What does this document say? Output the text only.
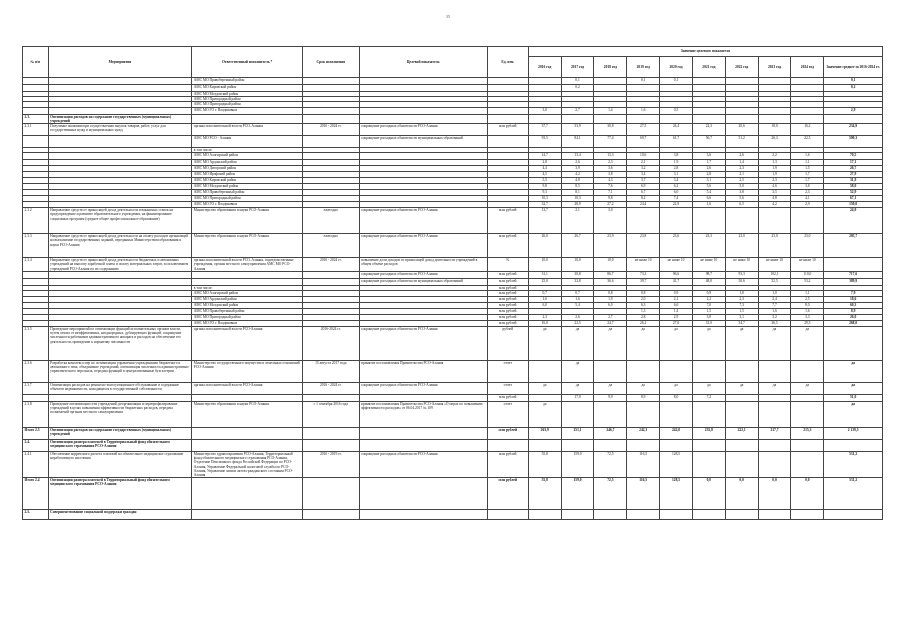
35
№ п/п	Мероприятия	Ответственный исполнитель *	Срок исполнения	Целевой показатель	Ед. изм.	Значение целевого показателя									
						2016 год	2017 год	2018 год	2019 год	2020 год	2021 год	2022 год	2023 год	2024 год	Значение среднее за 2016-2024 гг.
		АМС МО Правобережный район					0,1		0,1	0,1					0,1
		АМС МО Кировский район					0,2								0,2
		АМС МО Моздокский район													
		АМС МО Пригородный район													
		АМС МО Пригородный район													
		АМС МО ГО г. Владикавказ				3,0	2,7	1,4	1,6	0,5					2,9
2.3.	Оптимизация расходов на содержание государственных (муниципальных) учреждений														
2.3.1	Получение экономии при осуществлении закупок товаров, работ, услуг для государственных нужд и муниципальных нужд	органы исполнительной власти РСО–Алания	2016 - 2024 гг.	сокращение расходных обязательств РСО-Алания	млн рублей	37,7	33,9	30,8	27,5	24,4	22,3	20,6	18,0	16,2	234,9
		АМС МО РСО - Алания		сокращение расходных обязательств муниципальных образований		93,5	84,1	77,4	69,7	61,7	56,7	51,2	26,3	22,5	500,3
		в том числе:													
		АМС МО Алагирский район				14,7	13,4	13,3	10,6	3,8	3,6	2,6	2,2	1,6	70,5
		АМС МО Ардонский район				2,8	2,6	2,3	2,1	1,9	1,7	1,4	1,3	1,1	17,1
		АМС МО Дигорский район				4,4	3,9	3,6	3,2	2,8	2,6	2,3	1,9	1,5	26,7
		АМС МО Ирафский район				4,5	4,2	3,8	3,4	3,1	2,8	2,1	1,9	1,7	27,9
		АМС МО Кировский район				5,5	4,8	4,3	3,7	3,4	3,1	2,5	2,3	1,7	31,9
		АМС МО Моздокский район				9,8	8,5	7,6	6,9	6,2	5,6	5,0	4,6	3,8	58,0
		АМС МО Правобережный район				9,3	8,1	7,1	6,7	6,0	5,4	3,8	3,5	2,3	52,9
		АМС МО Пригородный район				10,3	10,3	9,8	8,2	7,4	6,6	5,6	4,8	4,1	67,1
		АМС МО ГО г. Владикавказ				32,7	28,9	27,2	24,4	22,9	1,6	6,5	4,2	2,9	150,0
2.3.2	Направление средств от приносящей доход деятельности и вакантных ставок на предупреждение и развитие образовательного учреждения, на финансирование социальных программ (среднее общее профессиональное образование)	Министерство образования и науки РСО-Алания	ежегодно	сокращение расходных обязательств РСО-Алания	млн рублей	13,7	2,1	3,0							24,9
2.3.3	Направление средств от приносящей доход деятельности на оплату расходов организаций на выполнение государственных заданий, переданных Министерством образования и науки РСО-Алания	Министерство образования и науки РСО-Алания	ежегодно	сокращение расходных обязательств РСО-Алания	млн рублей	26,0	26,7	23,9	23,8	23,6	23,3	23,0	23,0	23,0	205,7
2.3.4	Направление средств от приносящей доход деятельности бюджетных и автономных учреждений на выплату заработной платы и оплату материальных затрат, за исключением учреждений РСО-Алания по их содержанию	органы исполнительной власти РСО–Алания, подведомственные учреждения, органы местного самоуправления АМС МО РСО-Алания	2016 - 2024 гг.	повышение доли доходов от приносящей доход деятельности учреждений в общем объеме расходов	%	10,0	10,0	10,0	не ниже 10	не ниже 10	не ниже 10	не ниже 10	не ниже 10	не ниже 10	
				сокращение расходных обязательств РСО-Алания	млн рублей	31,1	30,8	86,7	73,3	96,6	98,7	93,3	102,1	110,0	717,6
				сокращение расходных обязательств муниципальных образований	млн рублей	25,0	32,8	36,6	39,7	41,7	48,0	50,6	52,5	53,2	389,9
		в том числе:			млн рублей										
		АМС МО Алагирский район			млн рублей	0,7	0,7	0,8	0,8	0,9	0,9	1,0	1,0	1,1	7,9
		АМС МО Ардонский район			млн рублей	1,6	1,6	1,9	2,0	2,1	2,2	2,3	2,4	2,5	18,6
		АМС МО Моздокский район			млн рублей	6,0	5,4	6,0	6,3	6,6	7,0	7,3	7,7	8,0	60,3
		АМС МО Правобережный район			млн рублей				1,3	1,4	1,5	1,5	1,6	1,6	8,9
		АМС МО Пригородный район			млн рублей	2,3	2,6	2,7	2,8	2,9	3,0	3,1	3,2	3,3	26,0
		АМС МО ГО г. Владикавказ			млн рублей	16,0	22,5	24,7	26,2	27,0	31,0	34,7	36,5	29,5	268,0
2.3.5	Проведение мероприятий по оптимизации функций исполнительных органов власти, путем отказа от неэффективных, неоднородных, дублирующих функций, сокращение численности работников административного аппарата и расходов на обеспечение его деятельности, приведение к нормативу численности	органы исполнительной власти РСО-Алания	2016-2024 гг.	сокращение расходных обязательств РСО-Алания	рублей	да	да	да	да	да	да	да	да	да	
2.3.6	Разработка комплекса мер по оптимизации управления учреждениями бюджетного и автономного типа, объединение учреждений, оптимизация численности административно-управленческого персонала, передача функций в централизованные бухгалтерии	Министерство государственного имущества и земельных отношений РСО-Алания	15 августа 2017 года	принятие постановления Правительства РСО-Алания	отчет		да								да
2.3.7	Оптимизация расходов на ремонтно-эксплуатационное обслуживание и содержание объектов недвижимости, находящихся в государственной собственности	органы исполнительной власти РСО-Алания	2016 - 2024 гг.	сокращение расходных обязательств РСО-Алания	отчет	да	да	да	да	да	да	да	да	да	да
					млн рублей		17,0	9,9	8,9	8,0	7,2				51,0
2.3.8	Проведение оптимизации сети учреждений, реорганизация и перепрофилирование учреждений в целях повышения эффективности бюджетных расходов, передача полномочий органам местного самоуправления	Министерство образования и науки РСО-Алания	с 1 сентября 2016 года	принятие постановления Правительства РСО-Алания «О мерах по повышению эффективности расходов» от 06.04.2017 № 109	отчет	да									да
Итого 2.3	Оптимизация расходов на содержание государственных (муниципальных) учреждений				млн рублей	263,9	251,1	246,7	242,3	242,0	235,8	222,1	217,7	215,3	2 139,5
2.4.	Оптимизация размера платежей в Территориальный фонд обязательного медицинского страхования РСО-Алания														
2.4.1	Обеспечение корректного расчета платежей на обязательное медицинское страхование неработающего населения	Министерство здравоохранения РСО-Алания, Территориальный фонд обязательного медицинского страхования РСО-Алания, Отделение Пенсионного фонда Российской Федерации по РСО-Алания, Управление Федеральной налоговой службы по РСО-Алания, Управление записи актов гражданского состояния РСО-Алания	2016 - 2019 гг.	сокращение расходных обязательств РСО-Алания	млн рублей	55,8	159,0	72,5	116,5	128,5					531,2
Итого 2.4	Оптимизация размера платежей в Территориальный фонд обязательного медицинского страхования РСО-Алания				млн рублей	55,8	159,0	72,5	116,5	128,5	0,0	0,0	0,0	0,0	531,2
2.5.	Совершенствование социальной поддержки граждан														
